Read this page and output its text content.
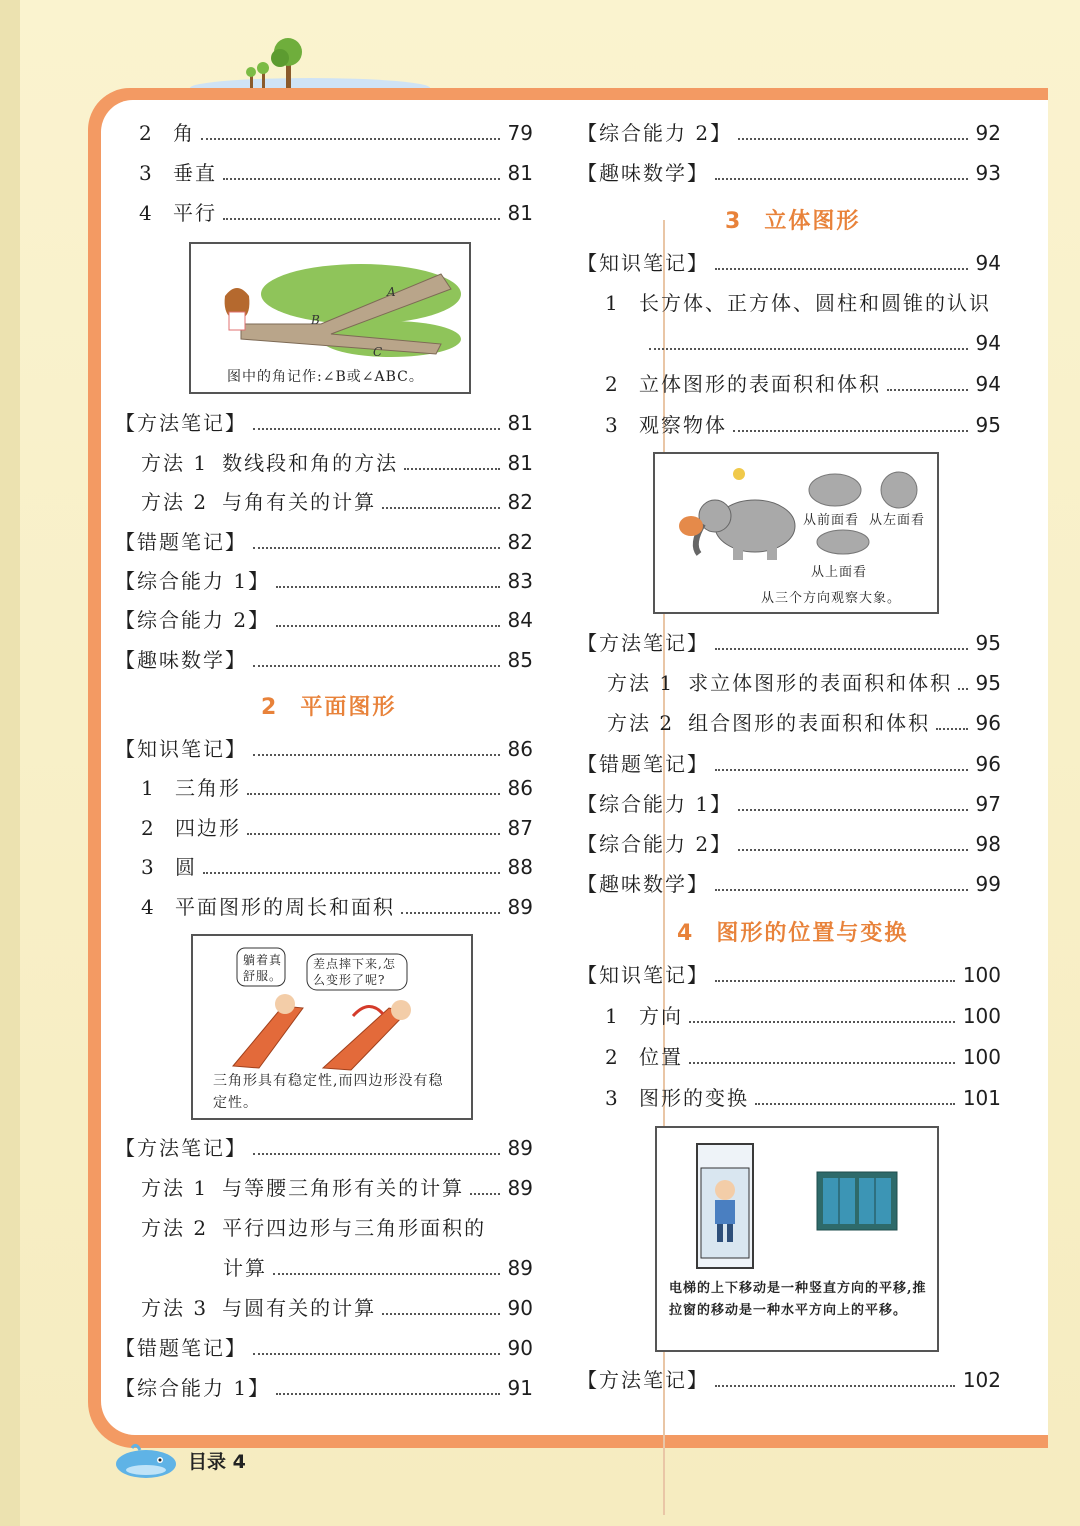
2	角	79
3	垂直	81
4	平行	81
A
B
C
图中的角记作:∠B或∠ABC。
【方法笔记】	81
方法 1 数线段和角的方法	81
方法 2 与角有关的计算	82
【错题笔记】	82
【综合能力 1】	83
【综合能力 2】	84
【趣味数学】	85
2 平面图形
【知识笔记】	86
1	三角形	86
2	四边形	87
3	圆	88
4	平面图形的周长和面积	89
躺着真舒服。
差点摔下来,怎么变形了呢?
三角形具有稳定性,而四边形没有稳定性。
【方法笔记】	89
方法 1 与等腰三角形有关的计算 89
方法 2 平行四边形与三角形面积的
计算	89
方法 3 与圆有关的计算	90
【错题笔记】	90
【综合能力 1】	91
【综合能力 2】	92
【趣味数学】	93
3 立体图形
【知识笔记】	94
1	长方体、正方体、圆柱和圆锥的认识
94
2	立体图形的表面积和体积	94
3	观察物体	95
从前面看 从左面看
从上面看
从三个方向观察大象。
【方法笔记】	95
方法 1 求立体图形的表面积和体积 95
方法 2 组合图形的表面积和体积 96
【错题笔记】	96
【综合能力 1】	97
【综合能力 2】	98
【趣味数学】	99
4 图形的位置与变换
【知识笔记】	100
1	方向	100
2	位置	100
3	图形的变换	101
电梯的上下移动是一种竖直方向的平移,推拉窗的移动是一种水平方向上的平移。
【方法笔记】	102
目录 4
